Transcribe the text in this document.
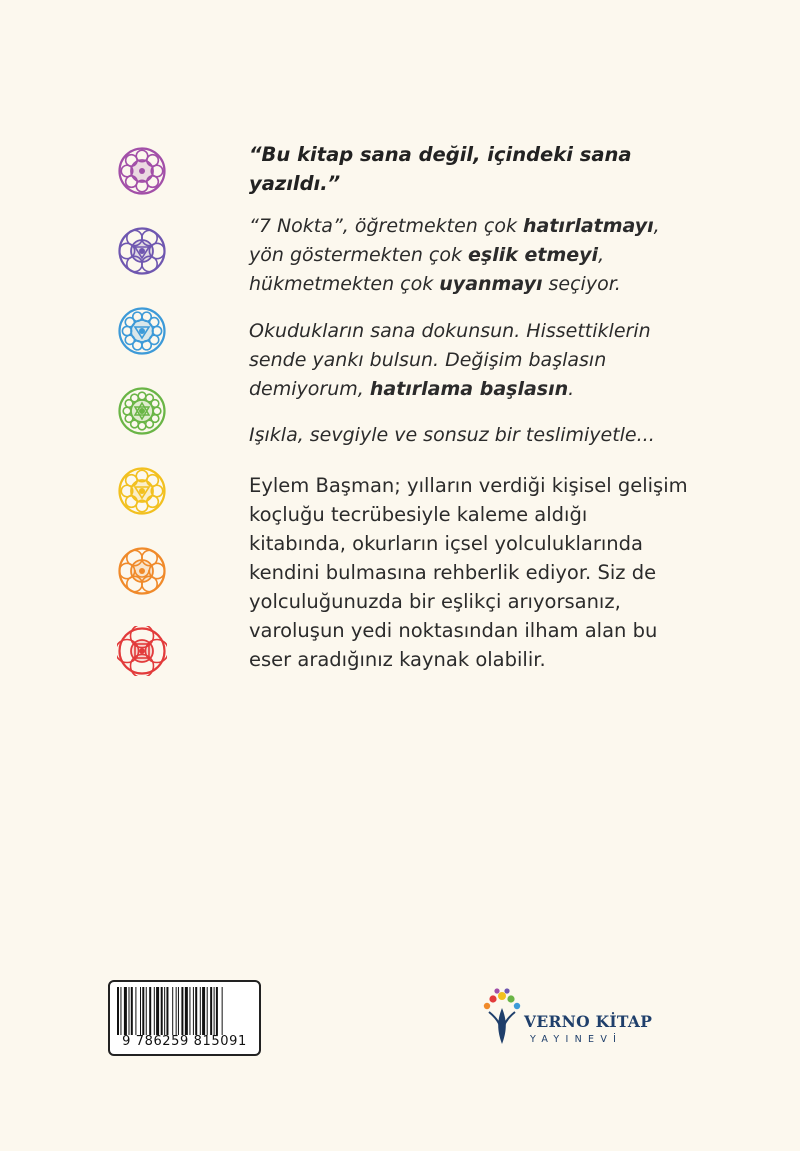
“Bu kitap sana değil, içindeki sana yazıldı.”

“7 Nokta”, öğretmekten çok hatırlatmayı, yön göstermekten çok eşlik etmeyi, hükmetmekten çok uyanmayı seçiyor.

Okudukların sana dokunsun. Hissettiklerin sende yankı bulsun. Değişim başlasın demiyorum, hatırlama başlasın.

Işıkla, sevgiyle ve sonsuz bir teslimiyetle...

Eylem Başman; yılların verdiği kişisel gelişim koçluğu tecrübesiyle kaleme aldığı kitabında, okurların içsel yolculuklarında kendini bulmasına rehberlik ediyor. Siz de yolculuğunuzda bir eşlikçi arıyorsanız, varoluşun yedi noktasından ilham alan bu eser aradığınız kaynak olabilir.

9 786259 815091
VERNO KİTAP
YAYINEVİ
